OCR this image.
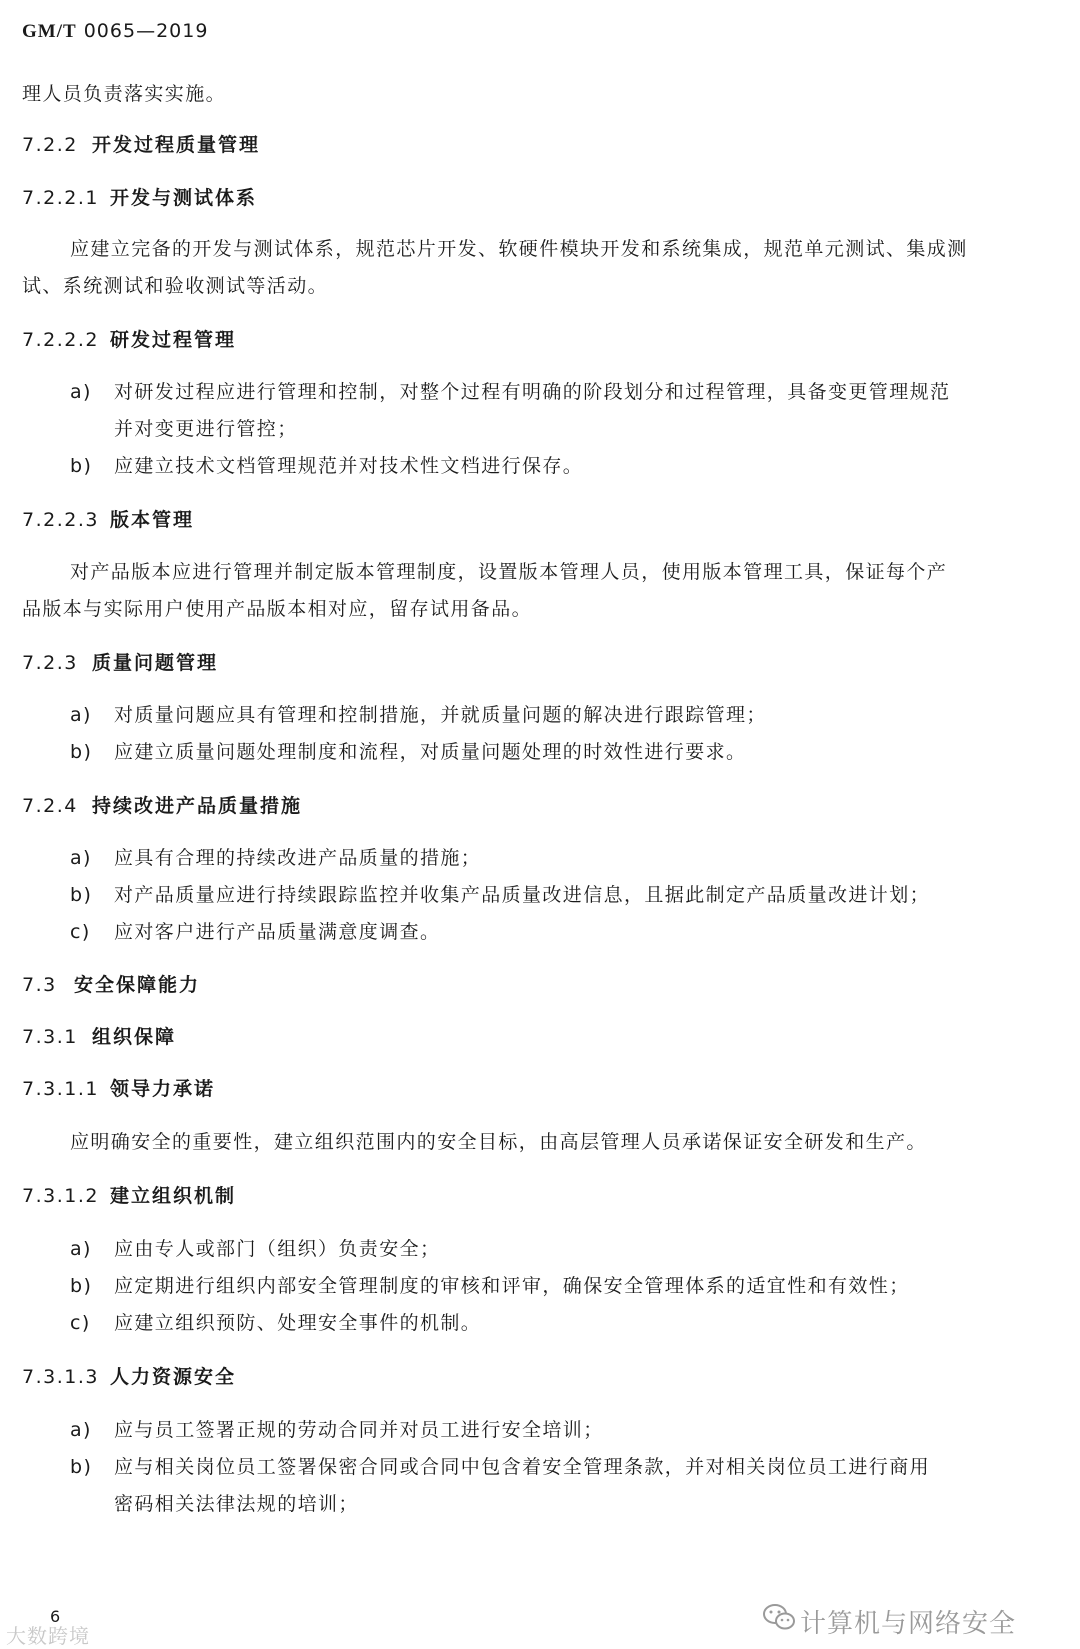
GM/T 0065—2019
理人员负责落实实施。
7.2.2 开发过程质量管理
7.2.2.1 开发与测试体系
应建立完备的开发与测试体系，规范芯片开发、软硬件模块开发和系统集成，规范单元测试、集成测
试、系统测试和验收测试等活动。
7.2.2.2 研发过程管理
a) 对研发过程应进行管理和控制，对整个过程有明确的阶段划分和过程管理，具备变更管理规范
并对变更进行管控；
b) 应建立技术文档管理规范并对技术性文档进行保存。
7.2.2.3 版本管理
对产品版本应进行管理并制定版本管理制度，设置版本管理人员，使用版本管理工具，保证每个产
品版本与实际用户使用产品版本相对应，留存试用备品。
7.2.3 质量问题管理
a) 对质量问题应具有管理和控制措施，并就质量问题的解决进行跟踪管理；
b) 应建立质量问题处理制度和流程，对质量问题处理的时效性进行要求。
7.2.4 持续改进产品质量措施
a) 应具有合理的持续改进产品质量的措施；
b) 对产品质量应进行持续跟踪监控并收集产品质量改进信息，且据此制定产品质量改进计划；
c) 应对客户进行产品质量满意度调查。
7.3 安全保障能力
7.3.1 组织保障
7.3.1.1 领导力承诺
应明确安全的重要性，建立组织范围内的安全目标，由高层管理人员承诺保证安全研发和生产。
7.3.1.2 建立组织机制
a) 应由专人或部门（组织）负责安全；
b) 应定期进行组织内部安全管理制度的审核和评审，确保安全管理体系的适宜性和有效性；
c) 应建立组织预防、处理安全事件的机制。
7.3.1.3 人力资源安全
a) 应与员工签署正规的劳动合同并对员工进行安全培训；
b) 应与相关岗位员工签署保密合同或合同中包含着安全管理条款，并对相关岗位员工进行商用
密码相关法律法规的培训；
6
大数跨境	计算机与网络安全
